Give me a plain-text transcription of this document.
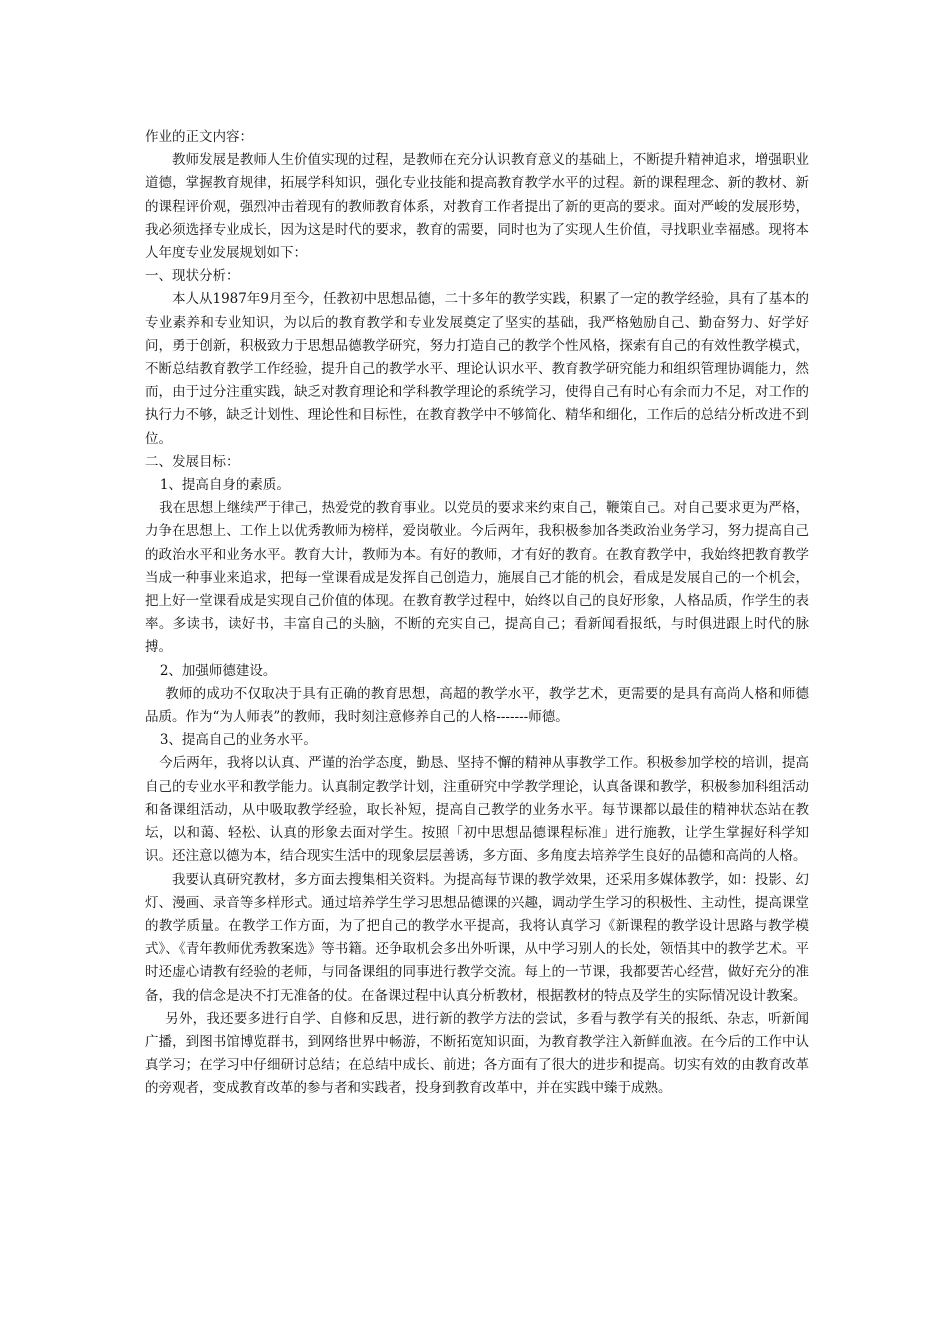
作业的正文内容：

教师发展是教师人生价值实现的过程，是教师在充分认识教育意义的基础上，不断提升精神追求，增强职业道德，掌握教育规律，拓展学科知识，强化专业技能和提高教育教学水平的过程。新的课程理念、新的教材、新的课程评价观，强烈冲击着现有的教师教育体系，对教育工作者提出了新的更高的要求。面对严峻的发展形势，我必须选择专业成长，因为这是时代的要求，教育的需要，同时也为了实现人生价值，寻找职业幸福感。现将本人年度专业发展规划如下：

一、现状分析：

本人从1987年9月至今，任教初中思想品德，二十多年的教学实践，积累了一定的教学经验，具有了基本的专业素养和专业知识，为以后的教育教学和专业发展奠定了坚实的基础，我严格勉励自己、勤奋努力、好学好问，勇于创新，积极致力于思想品德教学研究，努力打造自己的教学个性风格，探索有自己的有效性教学模式，不断总结教育教学工作经验，提升自己的教学水平、理论认识水平、教育教学研究能力和组织管理协调能力，然而，由于过分注重实践，缺乏对教育理论和学科教学理论的系统学习，使得自己有时心有余而力不足，对工作的执行力不够，缺乏计划性、理论性和目标性，在教育教学中不够简化、精华和细化，工作后的总结分析改进不到位。

二、发展目标：

1、提高自身的素质。

我在思想上继续严于律己，热爱党的教育事业。以党员的要求来约束自己，鞭策自己。对自己要求更为严格，力争在思想上、工作上以优秀教师为榜样，爱岗敬业。今后两年，我积极参加各类政治业务学习，努力提高自己的政治水平和业务水平。教育大计，教师为本。有好的教师，才有好的教育。在教育教学中，我始终把教育教学当成一种事业来追求，把每一堂课看成是发挥自己创造力，施展自己才能的机会，看成是发展自己的一个机会，把上好一堂课看成是实现自己价值的体现。在教育教学过程中，始终以自己的良好形象，人格品质，作学生的表率。多读书，读好书，丰富自己的头脑，不断的充实自己，提高自己；看新闻看报纸，与时俱进跟上时代的脉搏。

2、加强师德建设。

教师的成功不仅取决于具有正确的教育思想，高超的教学水平，教学艺术，更需要的是具有高尚人格和师德品质。作为“为人师表”的教师，我时刻注意修养自己的人格-------师德。

3、提高自己的业务水平。

今后两年，我将以认真、严谨的治学态度，勤恳、坚持不懈的精神从事教学工作。积极参加学校的培训，提高自己的专业水平和教学能力。认真制定教学计划，注重研究中学教学理论，认真备课和教学，积极参加科组活动和备课组活动，从中吸取教学经验，取长补短，提高自己教学的业务水平。每节课都以最佳的精神状态站在教坛，以和蔼、轻松、认真的形象去面对学生。按照「初中思想品德课程标准」进行施教，让学生掌握好科学知识。还注意以德为本，结合现实生活中的现象层层善诱，多方面、多角度去培养学生良好的品德和高尚的人格。

我要认真研究教材，多方面去搜集相关资料。为提高每节课的教学效果，还采用多媒体教学，如：投影、幻灯、漫画、录音等多样形式。通过培养学生学习思想品德课的兴趣，调动学生学习的积极性、主动性，提高课堂的教学质量。在教学工作方面，为了把自己的教学水平提高，我将认真学习《新课程的教学设计思路与教学模式》、《青年教师优秀教案选》等书籍。还争取机会多出外听课，从中学习别人的长处，领悟其中的教学艺术。平时还虚心请教有经验的老师，与同备课组的同事进行教学交流。每上的一节课，我都要苦心经营，做好充分的准备，我的信念是决不打无准备的仗。在备课过程中认真分析教材，根据教材的特点及学生的实际情况设计教案。

另外，我还要多进行自学、自修和反思，进行新的教学方法的尝试，多看与教学有关的报纸、杂志，听新闻广播，到图书馆博览群书，到网络世界中畅游，不断拓宽知识面，为教育教学注入新鲜血液。在今后的工作中认真学习；在学习中仔细研讨总结；在总结中成长、前进；各方面有了很大的进步和提高。切实有效的由教育改革的旁观者，变成教育改革的参与者和实践者，投身到教育改革中，并在实践中臻于成熟。
